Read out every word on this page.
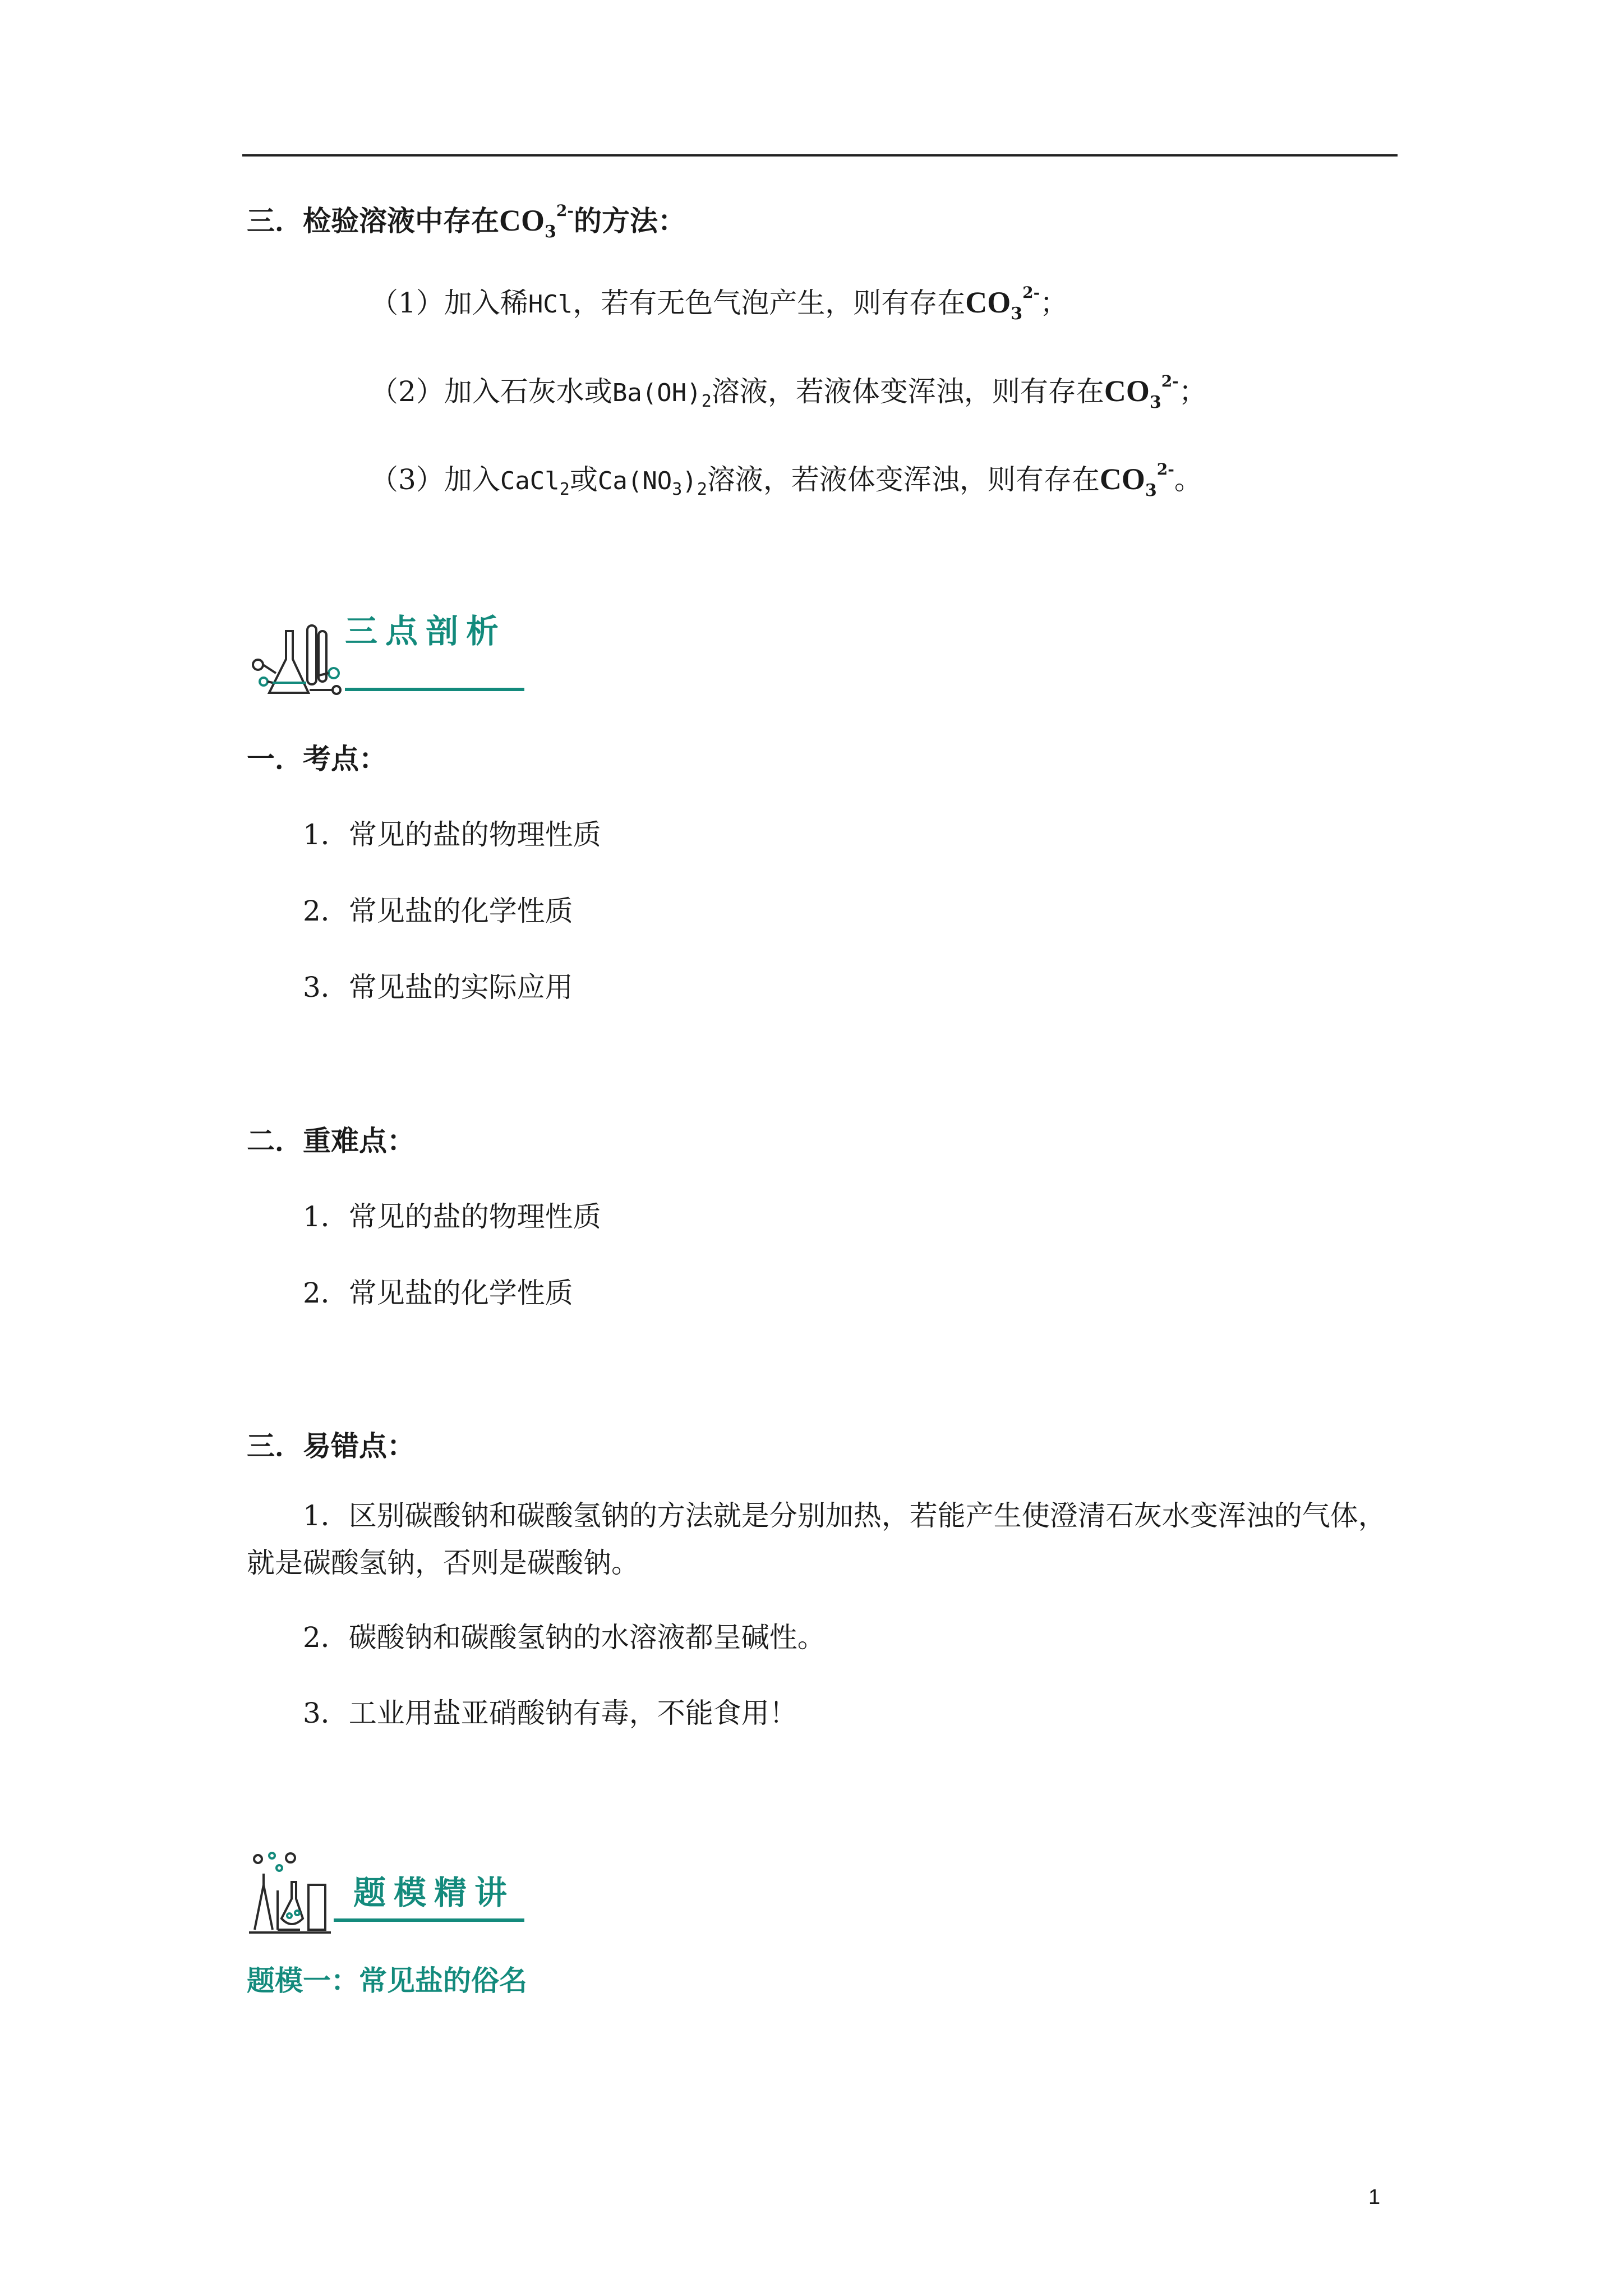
三．检验溶液中存在$CO_3^{2-}$的方法：
（1）加入稀HCl，若有无色气泡产生，则有存在$CO_3^{2-}$；
（2）加入石灰水或$Ba(OH)_2$溶液，若液体变浑浊，则有存在$CO_3^{2-}$；
（3）加入CaCl$_2$或$Ca(NO_3)_2$溶液，若液体变浑浊，则有存在$CO_3^{2-}$。
三点剖析
一．考点：
1．常见的盐的物理性质
2．常见盐的化学性质
3．常见盐的实际应用
二．重难点：
1．常见的盐的物理性质
2．常见盐的化学性质
三．易错点：
1．区别碳酸钠和碳酸氢钠的方法就是分别加热，若能产生使澄清石灰水变浑浊的气体，就是碳酸氢钠，否则是碳酸钠。
2．碳酸钠和碳酸氢钠的水溶液都呈碱性。
3．工业用盐亚硝酸钠有毒，不能食用！
题模精讲
题模一：常见盐的俗名
1
